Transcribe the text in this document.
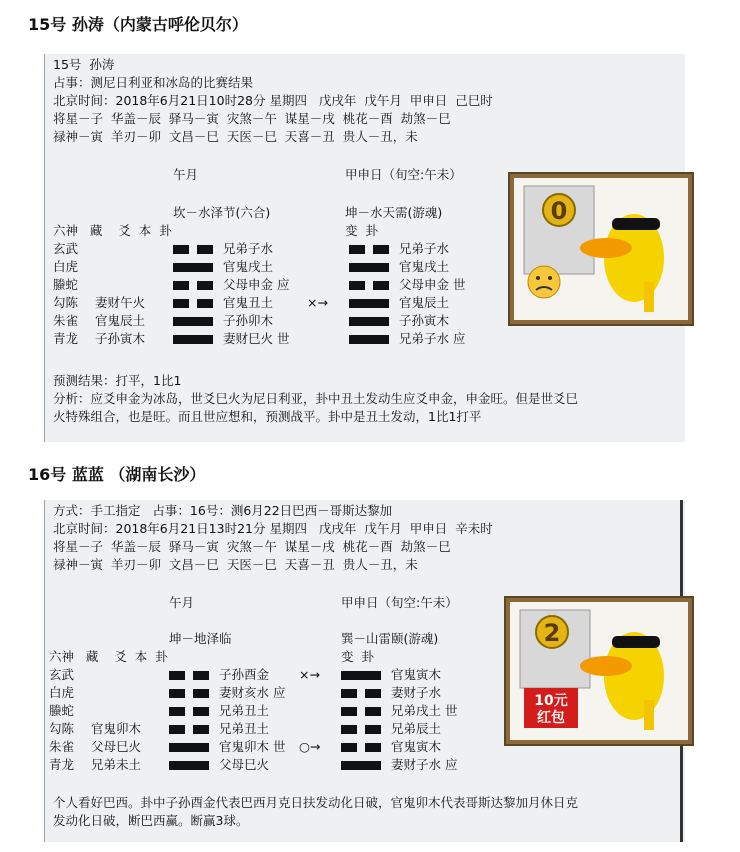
15号 孙涛（内蒙古呼伦贝尔）
15号  孙涛
占事：测尼日利亚和冰岛的比赛结果
北京时间：2018年6月21日10时28分 星期四   戊戌年  戊午月  甲申日  己巳时
将星－子  华盖－辰  驿马－寅  灾煞－午  谋星－戌  桃花－酉  劫煞－巳
禄神－寅  羊刃－卯  文昌－巳  天医－巳  天喜－丑  贵人－丑，未
午月	甲申日（旬空:午未）
坎－水泽节(六合)	坤－水天需(游魂)
六神   藏    爻  本  卦	变  卦
玄武	兄弟子水	兄弟子水
白虎	官鬼戌土	官鬼戌土
螣蛇	父母申金 应	父母申金 世
勾陈 妻财午火	官鬼丑土	×→	官鬼辰土
朱雀 官鬼辰土	子孙卯木	子孙寅木
青龙 子孙寅木	妻财巳火 世	兄弟子水 应
预测结果：打平，1比1
分析：应爻申金为冰岛，世爻巳火为尼日利亚，卦中丑土发动生应爻申金，申金旺。但是世爻巳
火特殊组合，也是旺。而且世应想和，预测战平。卦中是丑土发动，1比1打平
0
16号 蓝蓝 （湖南长沙）
方式：手工指定   占事：16号：测6月22日巴西－哥斯达黎加
北京时间：2018年6月21日13时21分 星期四   戊戌年  戊午月  甲申日  辛未时
将星－子  华盖－辰  驿马－寅  灾煞－午  谋星－戌  桃花－酉  劫煞－巳
禄神－寅  羊刃－卯  文昌－巳  天医－巳  天喜－丑  贵人－丑，未
午月	甲申日（旬空:午未）
坤－地泽临	巽－山雷颐(游魂)
六神   藏    爻  本  卦	变  卦
玄武	子孙酉金 ×→	官鬼寅木
白虎	妻财亥水 应	妻财子水
螣蛇	兄弟丑土	兄弟戌土 世
勾陈 官鬼卯木	兄弟丑土	兄弟辰土
朱雀 父母巳火	官鬼卯木 世 ○→	官鬼寅木
青龙 兄弟未土	父母巳火	妻财子水 应
个人看好巴西。卦中子孙酉金代表巴西月克日扶发动化日破，官鬼卯木代表哥斯达黎加月休日克
发动化日破，断巴西赢。断赢3球。
2
10元
红包
